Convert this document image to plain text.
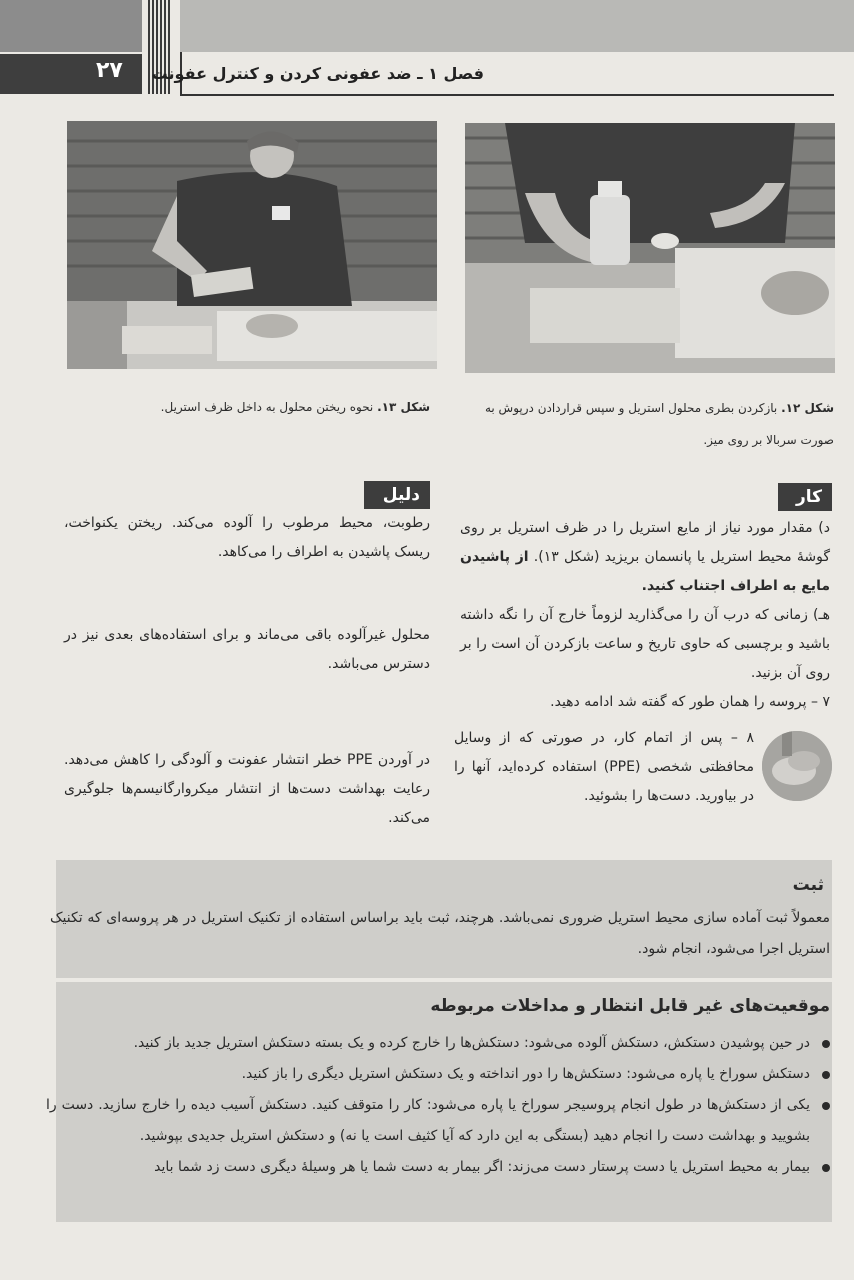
۲۷ فصل ۱ ـ ضد عفونی کردن و کنترل عفونت
شکل ۱۳. نحوه ریختن محلول به داخل ظرف استریل.	شکل ۱۲. بازکردن بطری محلول استریل و سپس قراردادن درپوش به صورت سربالا بر روی میز.
دلیل	کار

د) مقدار مورد نیاز از مایع استریل را در ظرف استریل بر روی گوشهٔ محیط استریل یا پانسمان بریزید (شکل ۱۳). از پاشیدن مایع به اطراف اجتناب کنید.

هـ) زمانی که درب آن را می‌گذارید لزوماً خارج آن را نگه داشته باشید و برچسبی که حاوی تاریخ و ساعت بازکردن آن است را بر روی آن بزنید.

۷ – پروسه را همان طور که گفته شد ادامه دهید.

۸ – پس از اتمام کار، در صورتی که از وسایل محافظتی شخصی (PPE) استفاده کرده‌اید، آنها را در بیاورید. دست‌ها را بشوئید.

رطوبت، محیط مرطوب را آلوده می‌کند. ریختن یکنواخت، ریسک پاشیدن به اطراف را می‌کاهد.

محلول غیرآلوده باقی می‌ماند و برای استفاده‌های بعدی نیز در دسترس می‌باشد.

در آوردن PPE خطر انتشار عفونت و آلودگی را کاهش می‌دهد. رعایت بهداشت دست‌ها از انتشار میکروارگانیسم‌ها جلوگیری می‌کند.

ثبت
معمولاً ثبت آماده سازی محیط استریل ضروری نمی‌باشد. هرچند، ثبت باید براساس استفاده از تکنیک استریل در هر پروسه‌ای که تکنیک استریل اجرا می‌شود، انجام شود.
موقعیت‌های غیر قابل انتظار و مداخلات مربوطه
در حین پوشیدن دستکش، دستکش آلوده می‌شود: دستکش‌ها را خارج کرده و یک بسته دستکش استریل جدید باز کنید.
دستکش سوراخ یا پاره می‌شود: دستکش‌ها را دور انداخته و یک دستکش استریل دیگری را باز کنید.
یکی از دستکش‌ها در طول انجام پروسیجر سوراخ یا پاره می‌شود: کار را متوقف کنید. دستکش آسیب دیده را خارج سازید. دست را بشویید و بهداشت دست را انجام دهید (بستگی به این دارد که آیا کثیف است یا نه) و دستکش استریل جدیدی بپوشید.
بیمار به محیط استریل یا دست پرستار دست می‌زند: اگر بیمار به دست شما یا هر وسیلهٔ دیگری دست زد شما باید
